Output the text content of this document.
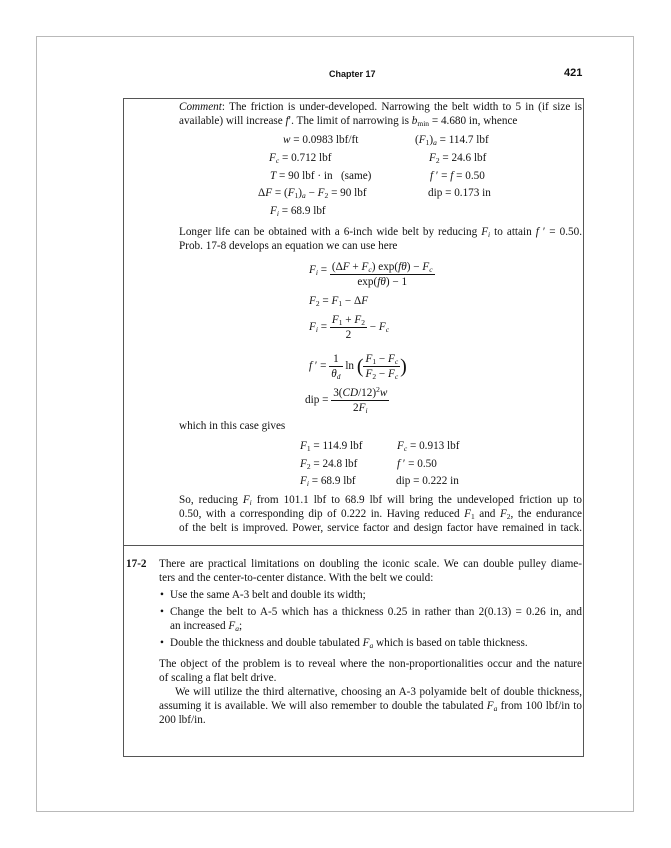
Chapter 17	421
Comment: The friction is under-developed. Narrowing the belt width to 5 in (if size is
available) will increase f′. The limit of narrowing is $b_{min} = 4.680$ in, whence
w = 0.0983 lbf/ft	$(F_1)_a = 114.7$ lbf
$F_c = 0.712$ lbf	$F_2 = 24.6$ lbf
T = 90 lbf · in   (same)	f ′ = f = 0.50
$\Delta F = (F_1)_a - F_2 = 90$ lbf	dip = 0.173 in
$F_i = 68.9$ lbf
Longer life can be obtained with a 6-inch wide belt by reducing $F_i$ to attain f ′ = 0.50.
Prob. 17-8 develops an equation we can use here
$F_i = \frac{(\Delta F + F_c) \exp(f\theta) - F_c}{\exp(f\theta) - 1}$
$F_2 = F_1 - \Delta F$
$F_i = \frac{F_1 + F_2}{2} - F_c$
f ′ = $\frac{1}{\theta_d}$ ln ( $\frac{F_1 - F_c}{F_2 - F_c}$ )
dip = $\frac{3(CD/12)^2w}{2F_i}$
which in this case gives
$F_1 = 114.9$ lbf	$F_c = 0.913$ lbf
$F_2 = 24.8$ lbf	f ′ = 0.50
$F_i = 68.9$ lbf	dip = 0.222 in
So, reducing $F_i$ from 101.1 lbf to 68.9 lbf will bring the undeveloped friction up to
0.50, with a corresponding dip of 0.222 in. Having reduced $F_1$ and $F_2$, the endurance
of the belt is improved. Power, service factor and design factor have remained in tack.
17-2 There are practical limitations on doubling the iconic scale. We can double pulley diame-
ters and the center-to-center distance. With the belt we could:
• Use the same A-3 belt and double its width;
• Change the belt to A-5 which has a thickness 0.25 in rather than 2(0.13) = 0.26 in, and
an increased $F_a$;
• Double the thickness and double tabulated $F_a$ which is based on table thickness.
The object of the problem is to reveal where the non-proportionalities occur and the nature
of scaling a flat belt drive.
We will utilize the third alternative, choosing an A-3 polyamide belt of double thickness,
assuming it is available. We will also remember to double the tabulated $F_a$ from 100 lbf/in to
200 lbf/in.
